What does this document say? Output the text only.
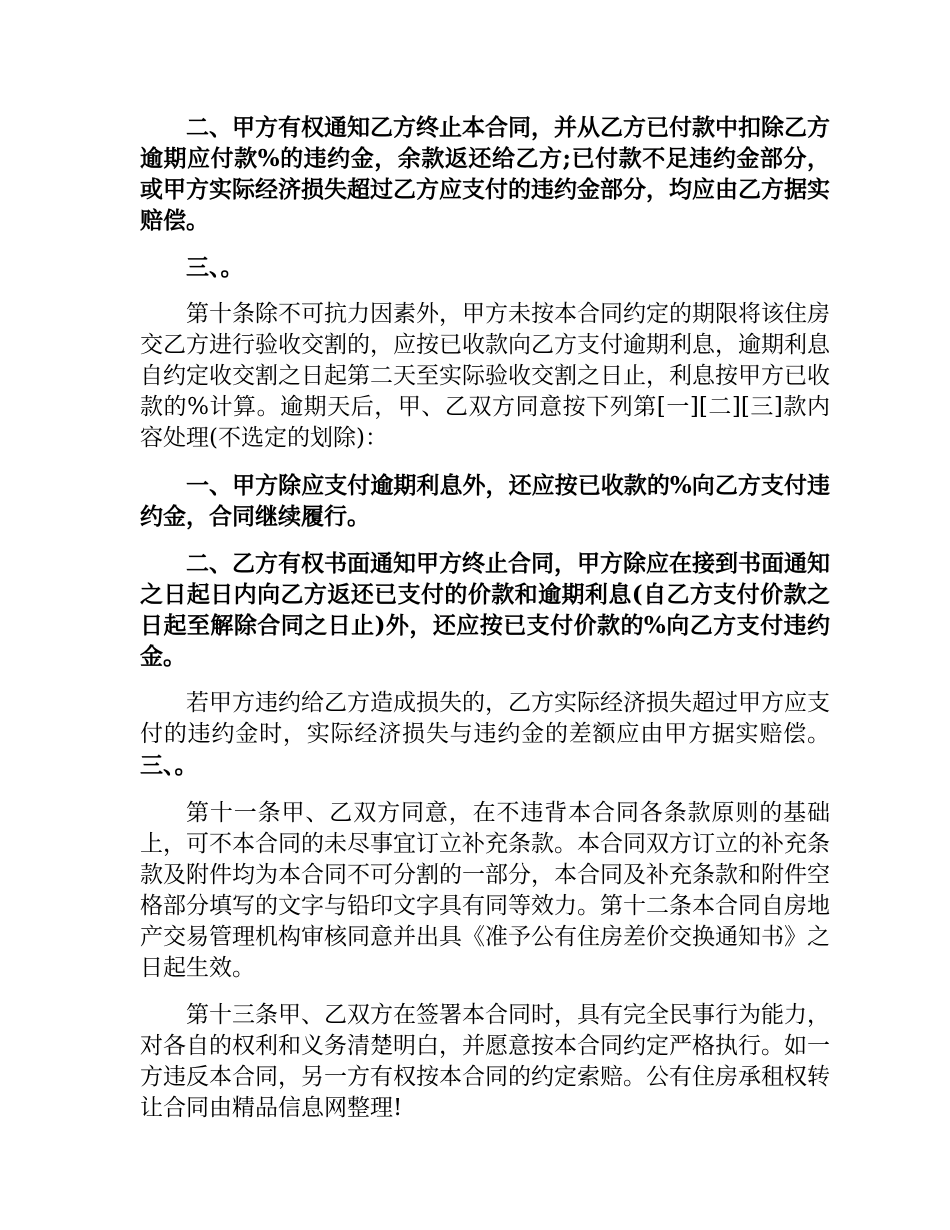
二、甲方有权通知乙方终止本合同，并从乙方已付款中扣除乙方逾期应付款%的违约金，余款返还给乙方;已付款不足违约金部分，或甲方实际经济损失超过乙方应支付的违约金部分，均应由乙方据实赔偿。

三、。

第十条除不可抗力因素外，甲方未按本合同约定的期限将该住房交乙方进行验收交割的，应按已收款向乙方支付逾期利息，逾期利息自约定收交割之日起第二天至实际验收交割之日止，利息按甲方已收款的%计算。逾期天后，甲、乙双方同意按下列第[一][二][三]款内容处理(不选定的划除)：

一、甲方除应支付逾期利息外，还应按已收款的%向乙方支付违约金，合同继续履行。

二、乙方有权书面通知甲方终止合同，甲方除应在接到书面通知之日起日内向乙方返还已支付的价款和逾期利息(自乙方支付价款之日起至解除合同之日止)外，还应按已支付价款的%向乙方支付违约金。

若甲方违约给乙方造成损失的，乙方实际经济损失超过甲方应支付的违约金时，实际经济损失与违约金的差额应由甲方据实赔偿。三、。

第十一条甲、乙双方同意，在不违背本合同各条款原则的基础上，可不本合同的未尽事宜订立补充条款。本合同双方订立的补充条款及附件均为本合同不可分割的一部分，本合同及补充条款和附件空格部分填写的文字与铅印文字具有同等效力。第十二条本合同自房地产交易管理机构审核同意并出具《准予公有住房差价交换通知书》之日起生效。

第十三条甲、乙双方在签署本合同时，具有完全民事行为能力，对各自的权利和义务清楚明白，并愿意按本合同约定严格执行。如一方违反本合同，另一方有权按本合同的约定索赔。公有住房承租权转让合同由精品信息网整理!
